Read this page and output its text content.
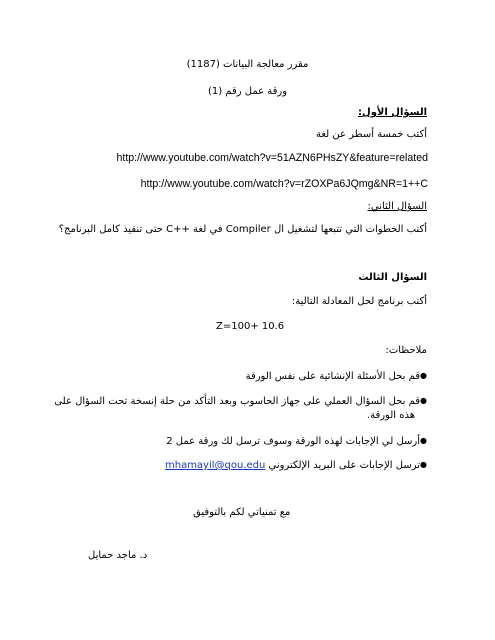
مقرر معالجة البيانات (1187)

ورقة عمل رقم (1)

السؤال الأول:

أكتب خمسة أسطر عن لغة

http://www.youtube.com/watch?v=51AZN6PHsZY&feature=related

http://www.youtube.com/watch?v=rZOXPa6JQmg&NR=1‎‏++C

السؤال الثاني:

أكتب الخطوات التي تتبعها لتشغيل ال Compiler في لغة ++C حتى تنفيذ كامل البرنامج؟

السؤال الثالث

أكتب برنامج لحل المعادلة التالية:

Z=100+ 10.6

ملاحظات:

●قم بحل الأسئلة الإنشائية على نفس الورقة

●قم بحل السؤال العملي على جهاز الحاسوب وبعد التأكد من حلة إنسخة تحت السؤال على

هذه الورقة.

●أرسل لي الإجابات لهذه الورقة وسوف ترسل لك ورقة عمل 2

●ترسل الإجابات على البريد الإلكتروني mhamayil@qou.edu

مع تمنياتي لكم بالتوفيق

د. ماجد حمايل
